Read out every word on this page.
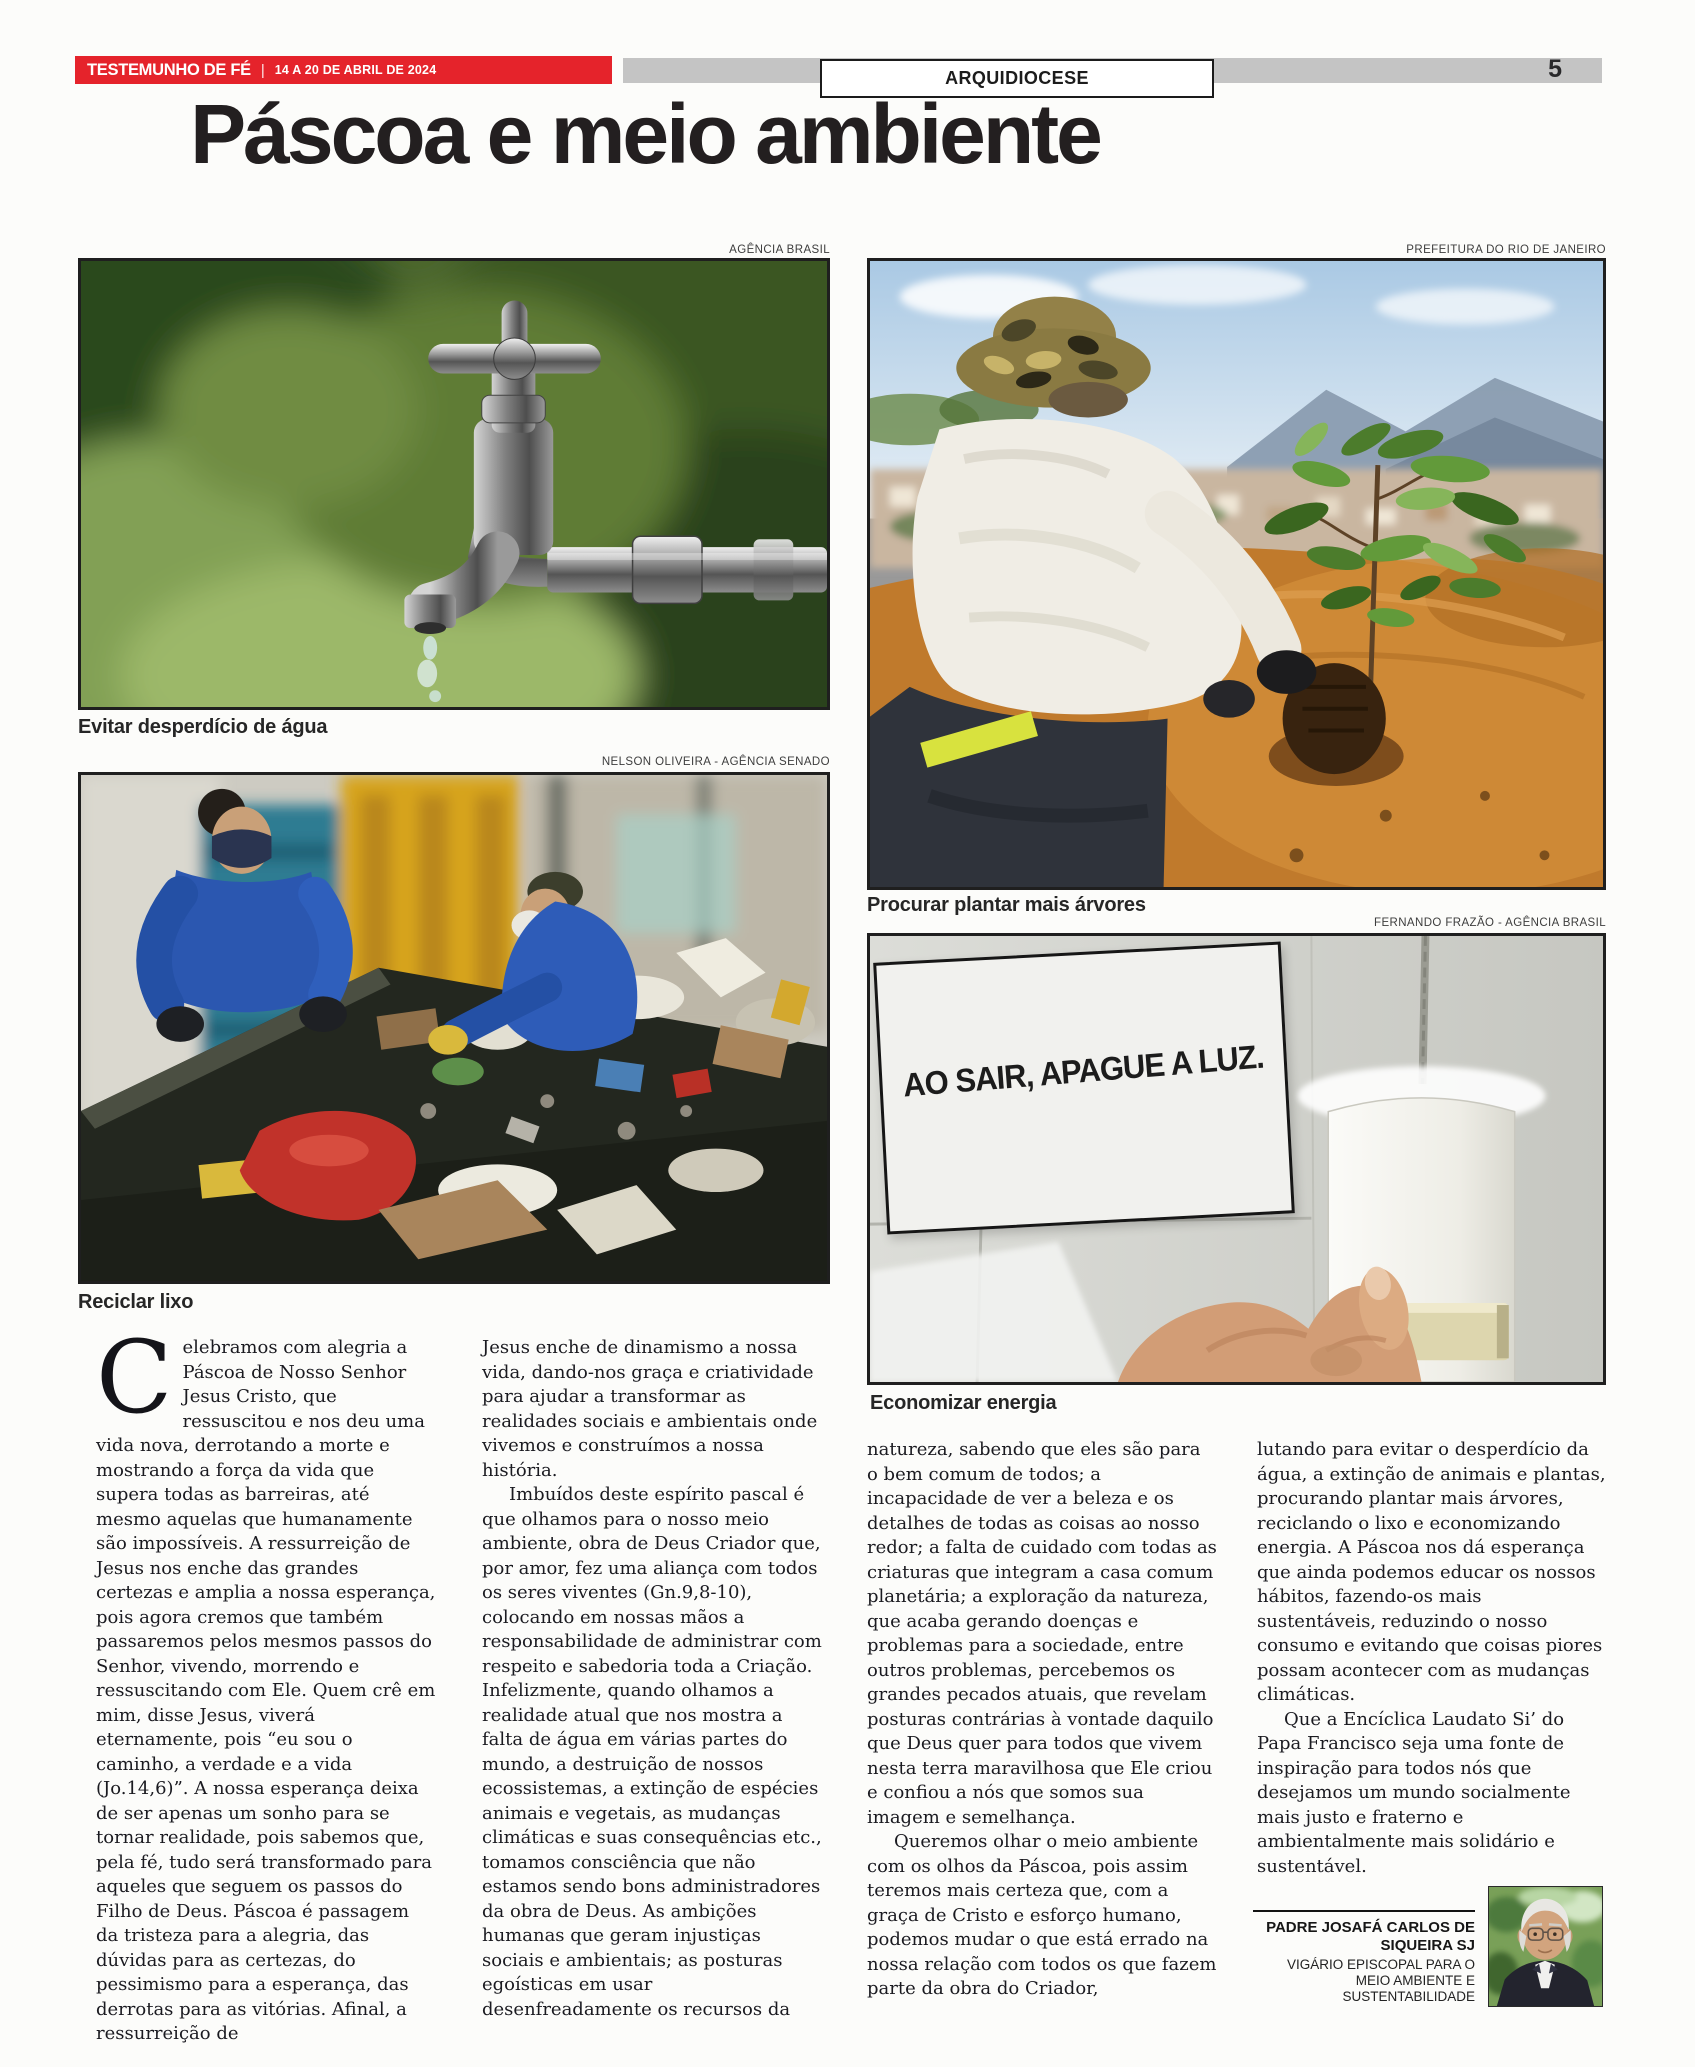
TESTEMUNHO DE FÉ | 14 A 20 DE ABRIL DE 2024	5
ARQUIDIOCESE
Páscoa e meio ambiente
AGÊNCIA BRASIL
Evitar desperdício de água
NELSON OLIVEIRA - AGÊNCIA SENADO
Reciclar lixo
PREFEITURA DO RIO DE JANEIRO
Procurar plantar mais árvores
FERNANDO FRAZÃO - AGÊNCIA BRASIL
AO SAIR, APAGUE A LUZ.
Economizar energia

Celebramos com alegria a Páscoa de Nosso Senhor Jesus Cristo, que ressuscitou e nos deu uma vida nova, derrotando a morte e mostrando a força da vida que supera todas as barreiras, até mesmo aquelas que humanamente são impossíveis. A ressurreição de Jesus nos enche das grandes certezas e amplia a nossa esperança, pois agora cremos que também passaremos pelos mesmos passos do Senhor, vivendo, morrendo e ressuscitando com Ele. Quem crê em mim, disse Jesus, viverá eternamente, pois “eu sou o caminho, a verdade e a vida (Jo.14,6)”. A nossa esperança deixa de ser apenas um sonho para se tornar realidade, pois sabemos que, pela fé, tudo será transformado para aqueles que seguem os passos do Filho de Deus. Páscoa é passagem da tristeza para a alegria, das dúvidas para as certezas, do pessimismo para a esperança, das derrotas para as vitórias. Afinal, a ressurreição de

Jesus enche de dinamismo a nossa vida, dando-nos graça e criatividade para ajudar a transformar as realidades sociais e ambientais onde vivemos e construímos a nossa história.

Imbuídos deste espírito pascal é que olhamos para o nosso meio ambiente, obra de Deus Criador que, por amor, fez uma aliança com todos os seres viventes (Gn.9,8-10), colocando em nossas mãos a responsabilidade de administrar com respeito e sabedoria toda a Criação. Infelizmente, quando olhamos a realidade atual que nos mostra a falta de água em várias partes do mundo, a destruição de nossos ecossistemas, a extinção de espécies animais e vegetais, as mudanças climáticas e suas consequências etc., tomamos consciência que não estamos sendo bons administradores da obra de Deus. As ambições humanas que geram injustiças sociais e ambientais; as posturas egoísticas em usar desenfreadamente os recursos da

natureza, sabendo que eles são para o bem comum de todos; a incapacidade de ver a beleza e os detalhes de todas as coisas ao nosso redor; a falta de cuidado com todas as criaturas que integram a casa comum planetária; a exploração da natureza, que acaba gerando doenças e problemas para a sociedade, entre outros problemas, percebemos os grandes pecados atuais, que revelam posturas contrárias à vontade daquilo que Deus quer para todos que vivem nesta terra maravilhosa que Ele criou e confiou a nós que somos sua imagem e semelhança.

Queremos olhar o meio ambiente com os olhos da Páscoa, pois assim teremos mais certeza que, com a graça de Cristo e esforço humano, podemos mudar o que está errado na nossa relação com todos os que fazem parte da obra do Criador,

lutando para evitar o desperdício da água, a extinção de animais e plantas, procurando plantar mais árvores, reciclando o lixo e economizando energia. A Páscoa nos dá esperança que ainda podemos educar os nossos hábitos, fazendo-os mais sustentáveis, reduzindo o nosso consumo e evitando que coisas piores possam acontecer com as mudanças climáticas.

Que a Encíclica Laudato Si’ do Papa Francisco seja uma fonte de inspiração para todos nós que desejamos um mundo socialmente mais justo e fraterno e ambientalmente mais solidário e sustentável.

PADRE JOSAFÁ CARLOS DE SIQUEIRA SJ
VIGÁRIO EPISCOPAL PARA O MEIO AMBIENTE E SUSTENTABILIDADE
